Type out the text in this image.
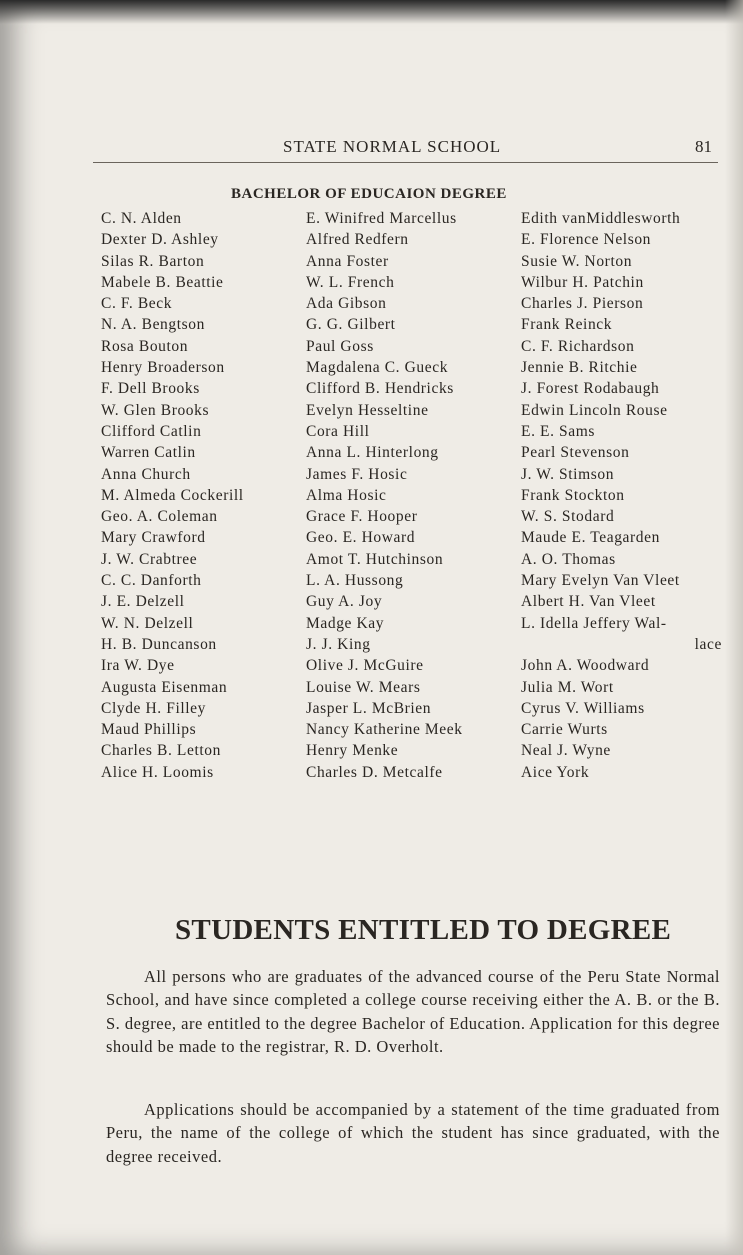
STATE NORMAL SCHOOL	81
BACHELOR OF EDUCAION DEGREE
C. N. Alden
Dexter D. Ashley
Silas R. Barton
Mabele B. Beattie
C. F. Beck
N. A. Bengtson
Rosa Bouton
Henry Broaderson
F. Dell Brooks
W. Glen Brooks
Clifford Catlin
Warren Catlin
Anna Church
M. Almeda Cockerill
Geo. A. Coleman
Mary Crawford
J. W. Crabtree
C. C. Danforth
J. E. Delzell
W. N. Delzell
H. B. Duncanson
Ira W. Dye
Augusta Eisenman
Clyde H. Filley
Maud Phillips
Charles B. Letton
Alice H. Loomis
E. Winifred Marcellus
Alfred Redfern
Anna Foster
W. L. French
Ada Gibson
G. G. Gilbert
Paul Goss
Magdalena C. Gueck
Clifford B. Hendricks
Evelyn Hesseltine
Cora Hill
Anna L. Hinterlong
James F. Hosic
Alma Hosic
Grace F. Hooper
Geo. E. Howard
Amot T. Hutchinson
L. A. Hussong
Guy A. Joy
Madge Kay
J. J. King
Olive J. McGuire
Louise W. Mears
Jasper L. McBrien
Nancy Katherine Meek
Henry Menke
Charles D. Metcalfe
Edith vanMiddlesworth
E. Florence Nelson
Susie W. Norton
Wilbur H. Patchin
Charles J. Pierson
Frank Reinck
C. F. Richardson
Jennie B. Ritchie
J. Forest Rodabaugh
Edwin Lincoln Rouse
E. E. Sams
Pearl Stevenson
J. W. Stimson
Frank Stockton
W. S. Stodard
Maude E. Teagarden
A. O. Thomas
Mary Evelyn Van Vleet
Albert H. Van Vleet
L. Idella Jeffery Wal-
lace
John A. Woodward
Julia M. Wort
Cyrus V. Williams
Carrie Wurts
Neal J. Wyne
Aice York
STUDENTS ENTITLED TO DEGREE

All persons who are graduates of the advanced course of the Peru State Normal School, and have since completed a college course receiving either the A. B. or the B. S. degree, are entitled to the degree Bachelor of Education. Application for this degree should be made to the registrar, R. D. Overholt.

Applications should be accompanied by a statement of the time graduated from Peru, the name of the college of which the student has since graduated, with the degree received.
